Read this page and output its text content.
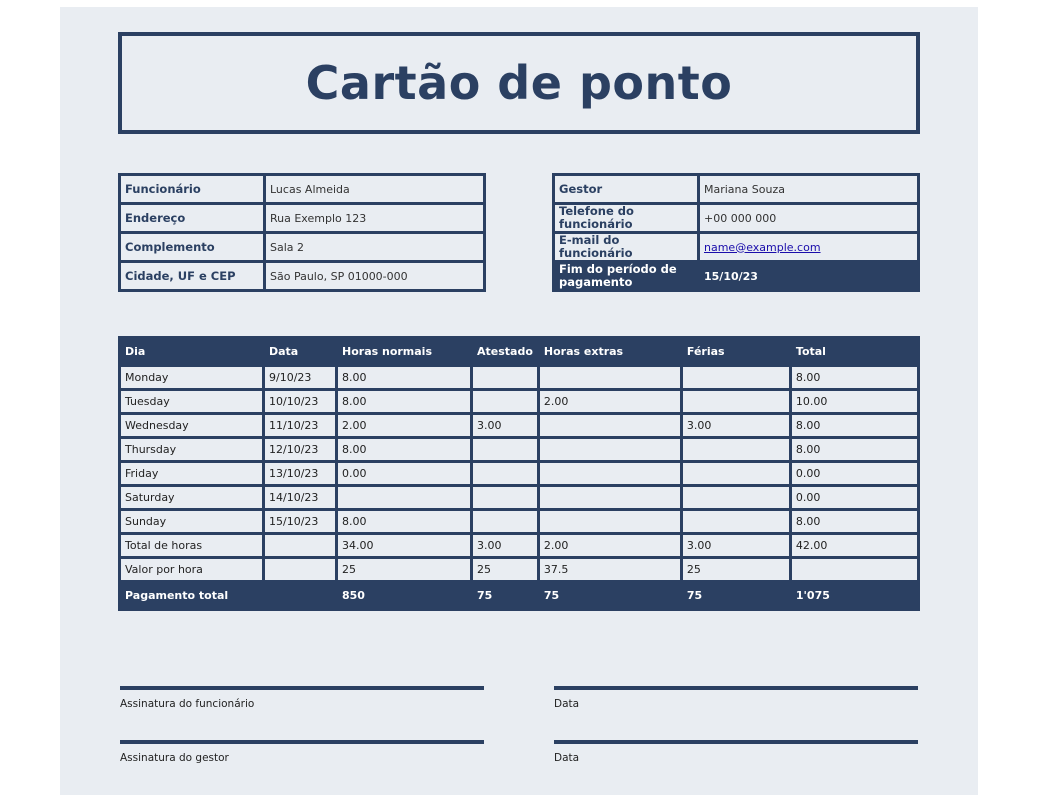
Cartão de ponto
Funcionário	Lucas Almeida
Endereço	Rua Exemplo 123
Complemento	Sala 2
Cidade, UF e CEP	São Paulo, SP 01000-000
Gestor	Mariana Souza
Telefone do funcionário	+00 000 000
E-mail do funcionário	name@example.com
Fim do período de pagamento	15/10/23
Dia	Data	Horas normais	Atestado	Horas extras	Férias	Total
Monday	9/10/23	8.00				8.00
Tuesday	10/10/23	8.00		2.00		10.00
Wednesday	11/10/23	2.00	3.00		3.00	8.00
Thursday	12/10/23	8.00				8.00
Friday	13/10/23	0.00				0.00
Saturday	14/10/23					0.00
Sunday	15/10/23	8.00				8.00
Total de horas		34.00	3.00	2.00	3.00	42.00
Valor por hora		25	25	37.5	25	
Pagamento total		850	75	75	75	1'075
Assinatura do funcionário	Data
Assinatura do gestor	Data
